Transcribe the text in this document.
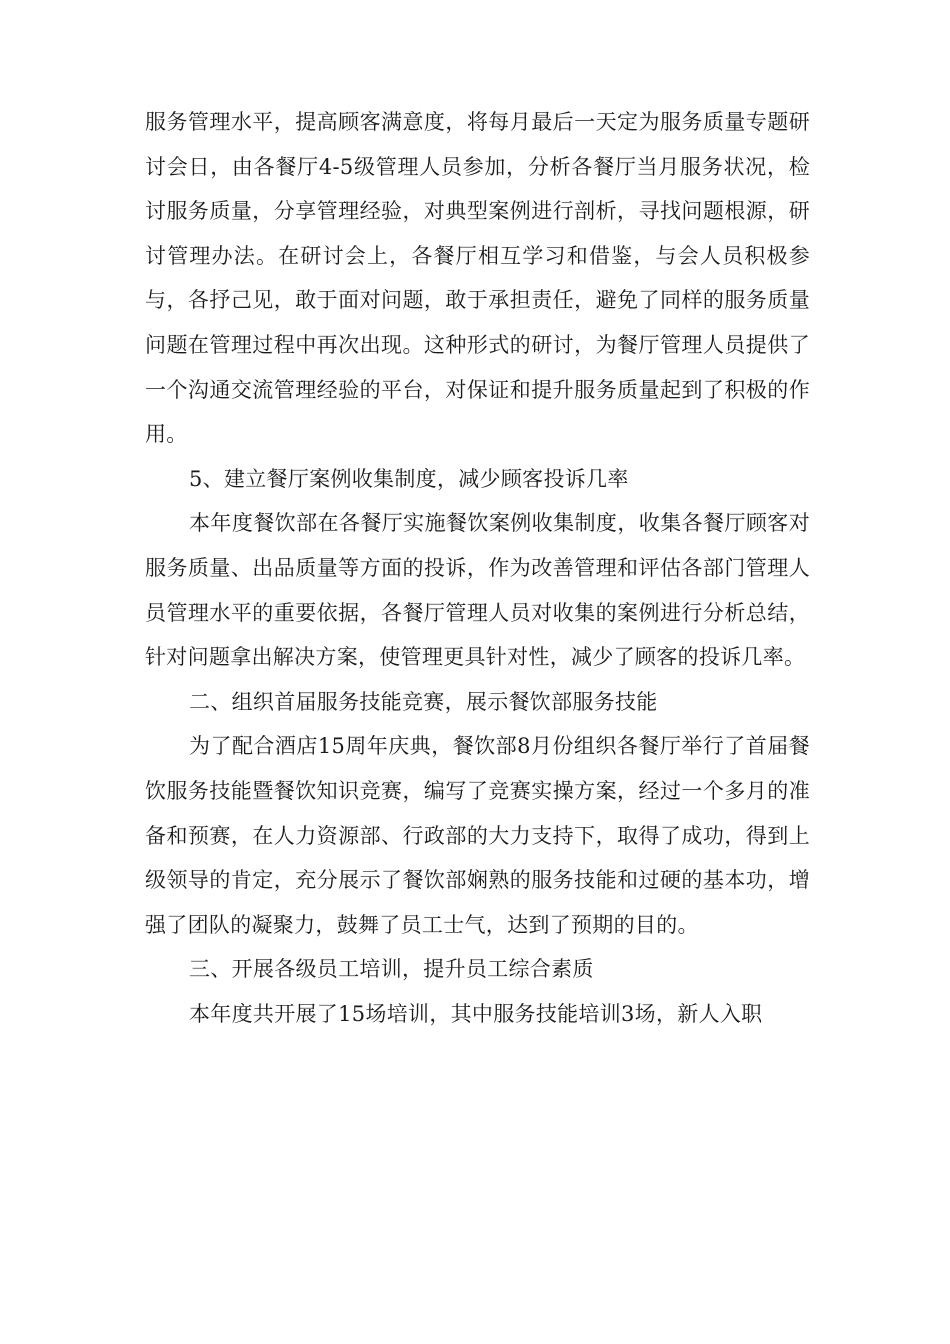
服务管理水平，提高顾客满意度，将每月最后一天定为服务质量专题研讨会日，由各餐厅4-5级管理人员参加，分析各餐厅当月服务状况，检讨服务质量，分享管理经验，对典型案例进行剖析，寻找问题根源，研讨管理办法。在研讨会上，各餐厅相互学习和借鉴，与会人员积极参与，各抒己见，敢于面对问题，敢于承担责任，避免了同样的服务质量问题在管理过程中再次出现。这种形式的研讨，为餐厅管理人员提供了一个沟通交流管理经验的平台，对保证和提升服务质量起到了积极的作用。

5、建立餐厅案例收集制度，减少顾客投诉几率

本年度餐饮部在各餐厅实施餐饮案例收集制度，收集各餐厅顾客对服务质量、出品质量等方面的投诉，作为改善管理和评估各部门管理人员管理水平的重要依据，各餐厅管理人员对收集的案例进行分析总结，针对问题拿出解决方案，使管理更具针对性，减少了顾客的投诉几率。

二、组织首届服务技能竞赛，展示餐饮部服务技能

为了配合酒店15周年庆典，餐饮部8月份组织各餐厅举行了首届餐饮服务技能暨餐饮知识竞赛，编写了竞赛实操方案，经过一个多月的准备和预赛，在人力资源部、行政部的大力支持下，取得了成功，得到上级领导的肯定，充分展示了餐饮部娴熟的服务技能和过硬的基本功，增强了团队的凝聚力，鼓舞了员工士气，达到了预期的目的。

三、开展各级员工培训，提升员工综合素质

本年度共开展了15场培训，其中服务技能培训3场，新人入职
